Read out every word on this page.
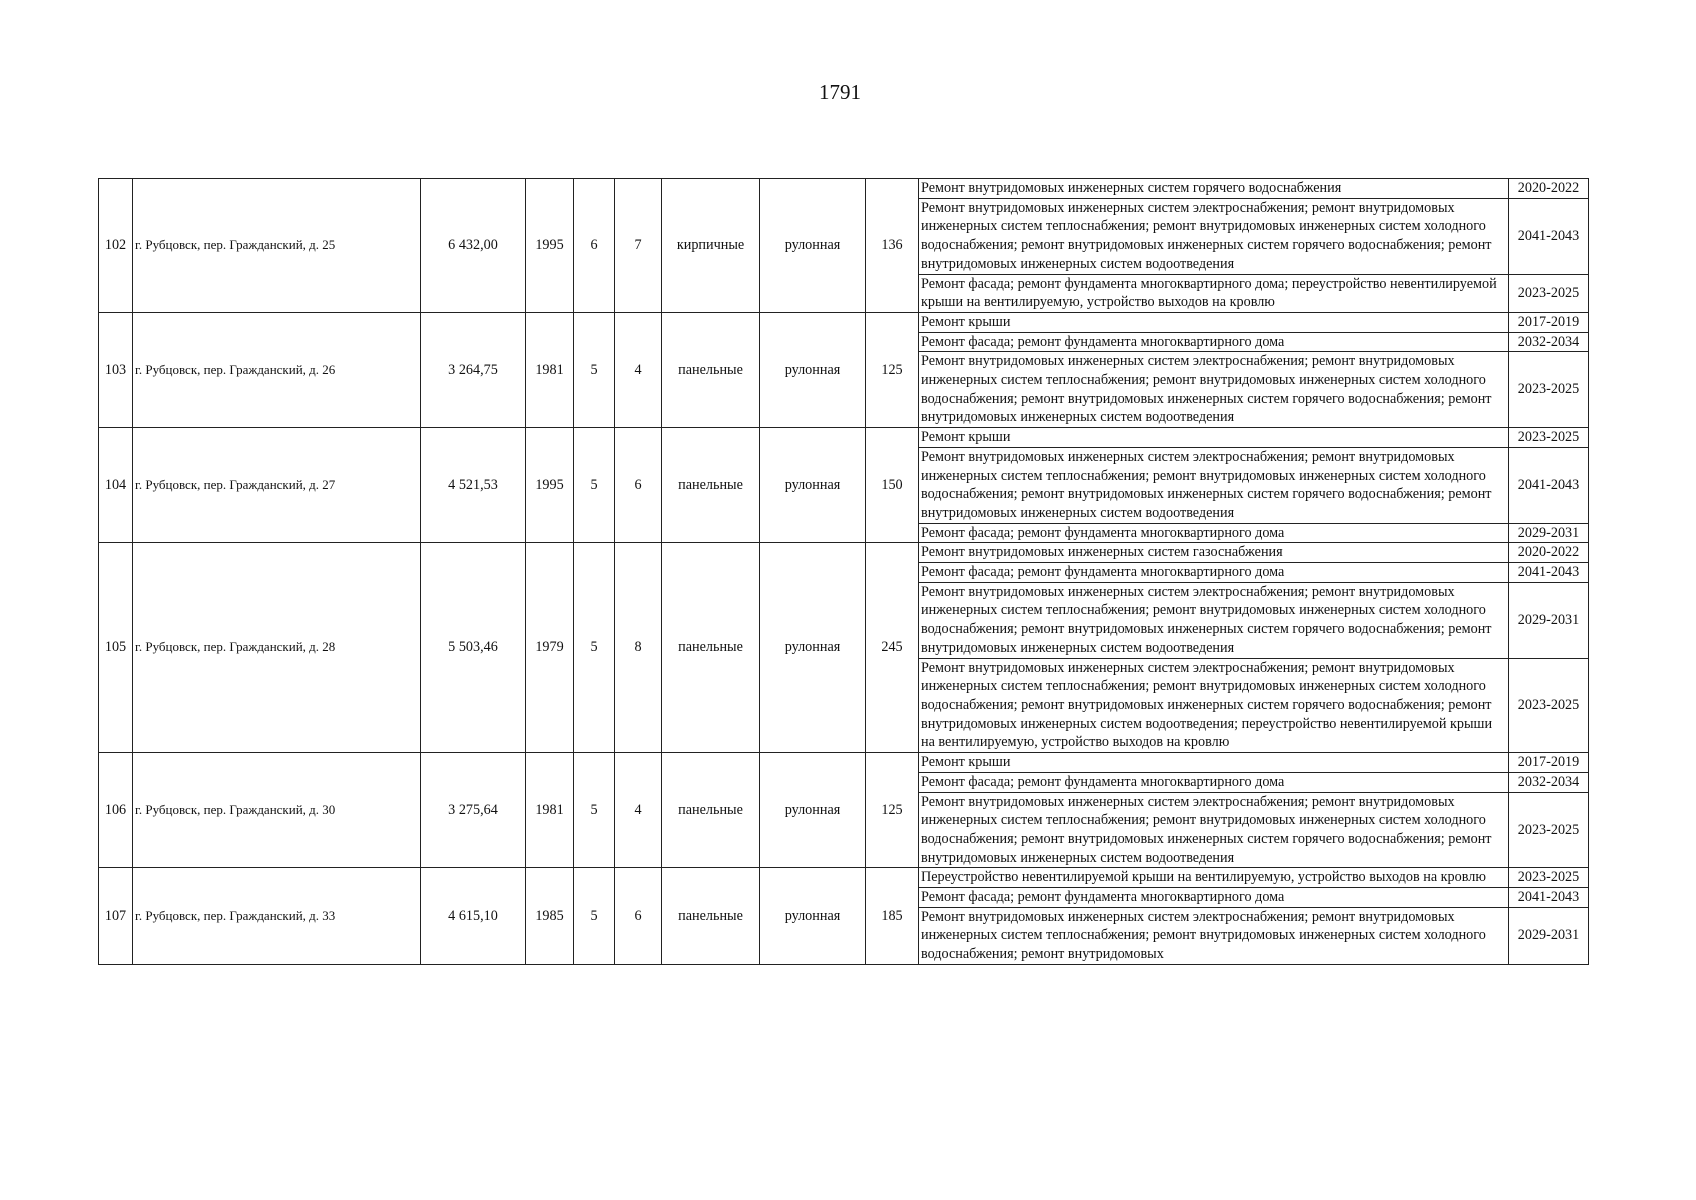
1791
102	г. Рубцовск, пер. Гражданский, д. 25	6 432,00	1995	6	7	кирпичные	рулонная	136	Ремонт внутридомовых инженерных систем горячего водоснабжения	2020-2022
									Ремонт внутридомовых инженерных систем электроснабжения; ремонт внутридомовых инженерных систем теплоснабжения; ремонт внутридомовых инженерных систем холодного водоснабжения; ремонт внутридомовых инженерных систем горячего водоснабжения; ремонт внутридомовых инженерных систем водоотведения	2041-2043
									Ремонт фасада; ремонт фундамента многоквартирного дома; переустройство невентилируемой крыши на вентилируемую, устройство выходов на кровлю	2023-2025
103	г. Рубцовск, пер. Гражданский, д. 26	3 264,75	1981	5	4	панельные	рулонная	125	Ремонт крыши	2017-2019
									Ремонт фасада; ремонт фундамента многоквартирного дома	2032-2034
									Ремонт внутридомовых инженерных систем электроснабжения; ремонт внутридомовых инженерных систем теплоснабжения; ремонт внутридомовых инженерных систем холодного водоснабжения; ремонт внутридомовых инженерных систем горячего водоснабжения; ремонт внутридомовых инженерных систем водоотведения	2023-2025
104	г. Рубцовск, пер. Гражданский, д. 27	4 521,53	1995	5	6	панельные	рулонная	150	Ремонт крыши	2023-2025
									Ремонт внутридомовых инженерных систем электроснабжения; ремонт внутридомовых инженерных систем теплоснабжения; ремонт внутридомовых инженерных систем холодного водоснабжения; ремонт внутридомовых инженерных систем горячего водоснабжения; ремонт внутридомовых инженерных систем водоотведения	2041-2043
									Ремонт фасада; ремонт фундамента многоквартирного дома	2029-2031
105	г. Рубцовск, пер. Гражданский, д. 28	5 503,46	1979	5	8	панельные	рулонная	245	Ремонт внутридомовых инженерных систем газоснабжения	2020-2022
									Ремонт фасада; ремонт фундамента многоквартирного дома	2041-2043
									Ремонт внутридомовых инженерных систем электроснабжения; ремонт внутридомовых инженерных систем теплоснабжения; ремонт внутридомовых инженерных систем холодного водоснабжения; ремонт внутридомовых инженерных систем горячего водоснабжения; ремонт внутридомовых инженерных систем водоотведения	2029-2031
									Ремонт внутридомовых инженерных систем электроснабжения; ремонт внутридомовых инженерных систем теплоснабжения; ремонт внутридомовых инженерных систем холодного водоснабжения; ремонт внутридомовых инженерных систем горячего водоснабжения; ремонт внутридомовых инженерных систем водоотведения; переустройство невентилируемой крыши на вентилируемую, устройство выходов на кровлю	2023-2025
106	г. Рубцовск, пер. Гражданский, д. 30	3 275,64	1981	5	4	панельные	рулонная	125	Ремонт крыши	2017-2019
									Ремонт фасада; ремонт фундамента многоквартирного дома	2032-2034
									Ремонт внутридомовых инженерных систем электроснабжения; ремонт внутридомовых инженерных систем теплоснабжения; ремонт внутридомовых инженерных систем холодного водоснабжения; ремонт внутридомовых инженерных систем горячего водоснабжения; ремонт внутридомовых инженерных систем водоотведения	2023-2025
107	г. Рубцовск, пер. Гражданский, д. 33	4 615,10	1985	5	6	панельные	рулонная	185	Переустройство невентилируемой крыши на вентилируемую, устройство выходов на кровлю	2023-2025
									Ремонт фасада; ремонт фундамента многоквартирного дома	2041-2043
									Ремонт внутридомовых инженерных систем электроснабжения; ремонт внутридомовых инженерных систем теплоснабжения; ремонт внутридомовых инженерных систем холодного водоснабжения; ремонт внутридомовых	2029-2031
